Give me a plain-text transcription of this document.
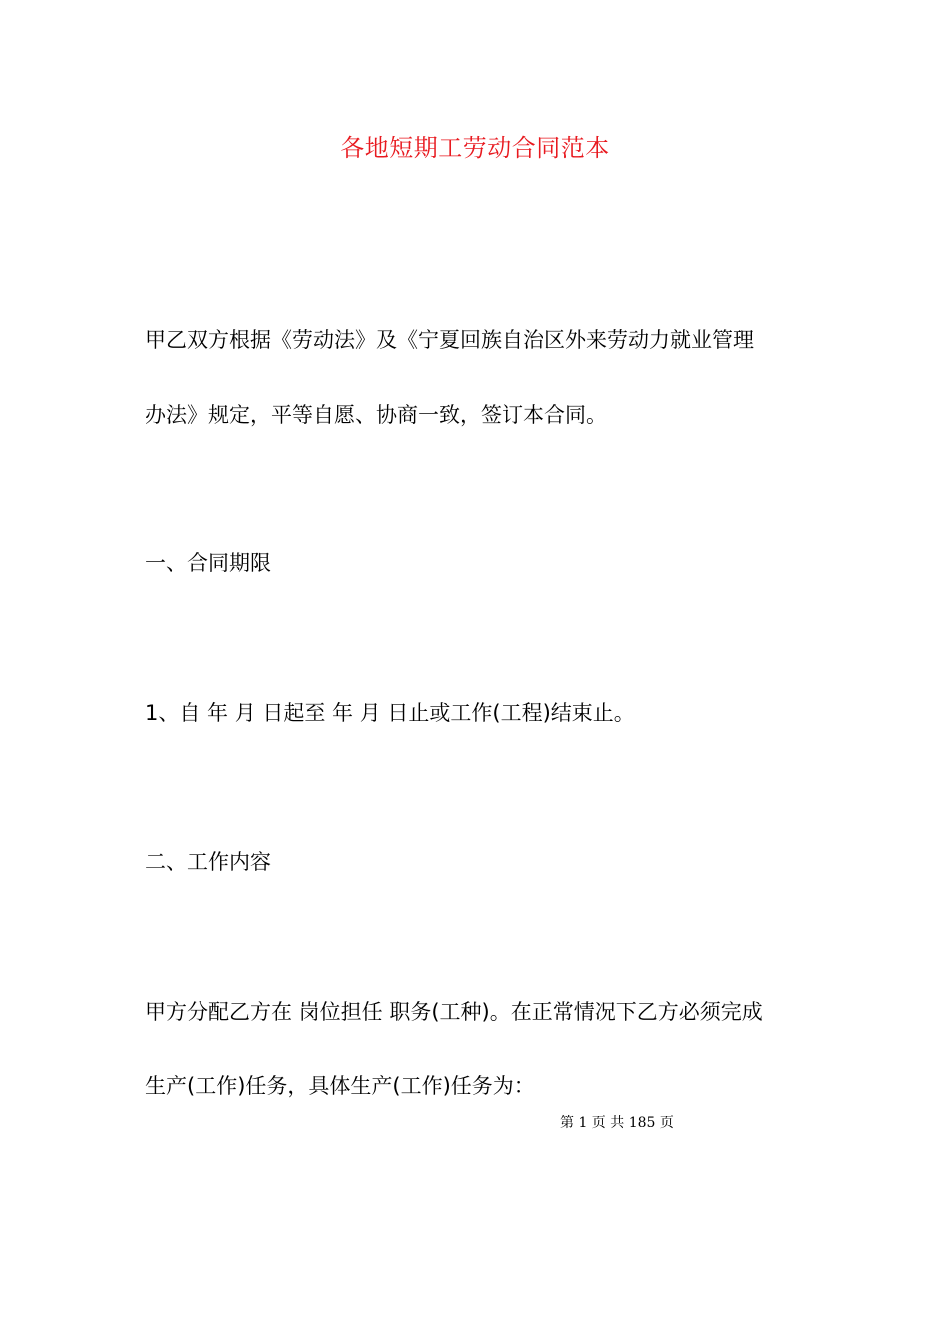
各地短期工劳动合同范本
甲乙双方根据《劳动法》及《宁夏回族自治区外来劳动力就业管理
办法》规定，平等自愿、协商一致，签订本合同。
一、合同期限
1、自 年 月 日起至 年 月 日止或工作(工程)结束止。
二、工作内容
甲方分配乙方在 岗位担任 职务(工种)。在正常情况下乙方必须完成
生产(工作)任务，具体生产(工作)任务为：
第 1 页 共 185 页
